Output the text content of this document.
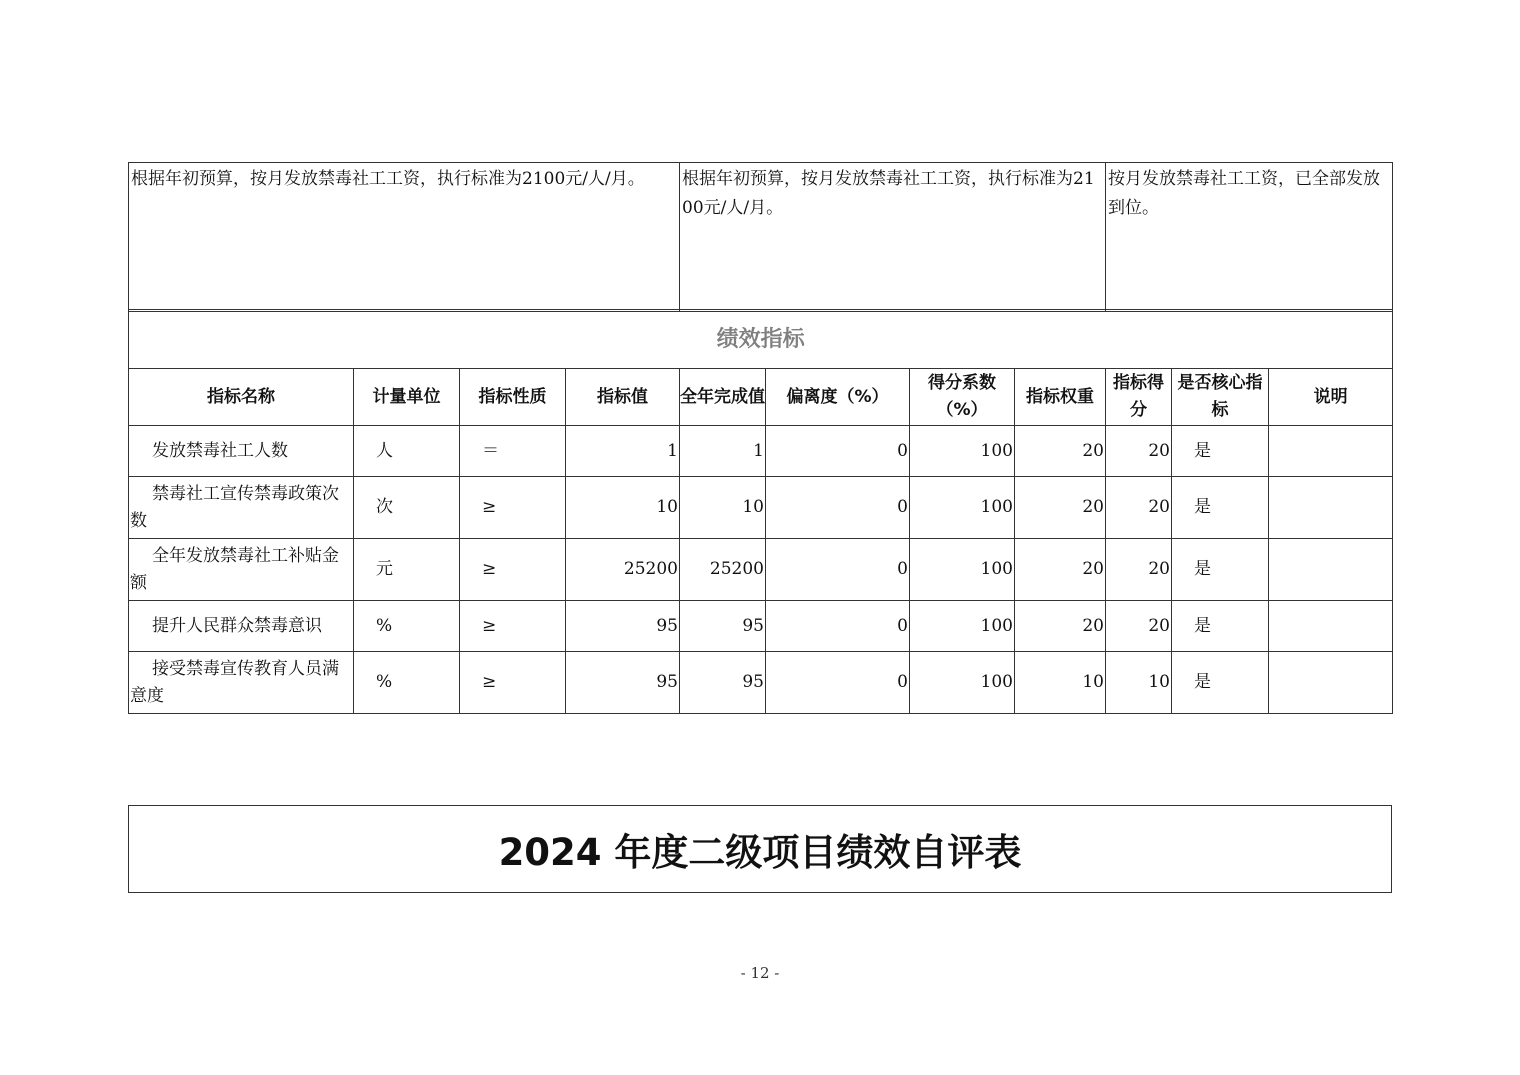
根据年初预算，按月发放禁毒社工工资，执行标准为2100元/人/月。	根据年初预算，按月发放禁毒社工工资，执行标准为2100元/人/月。	按月发放禁毒社工工资，已全部发放到位。
绩效指标										
指标名称	计量单位	指标性质	指标值	全年完成值	偏离度（%）	得分系数（%）	指标权重	指标得分	是否核心指标	说明
发放禁毒社工人数	人	＝	1	1	0	100	20	20	是	
禁毒社工宣传禁毒政策次数	次	≥	10	10	0	100	20	20	是	
全年发放禁毒社工补贴金额	元	≥	25200	25200	0	100	20	20	是	
提升人民群众禁毒意识	%	≥	95	95	0	100	20	20	是	
接受禁毒宣传教育人员满意度	%	≥	95	95	0	100	10	10	是	
2024 年度二级项目绩效自评表
- 12 -
